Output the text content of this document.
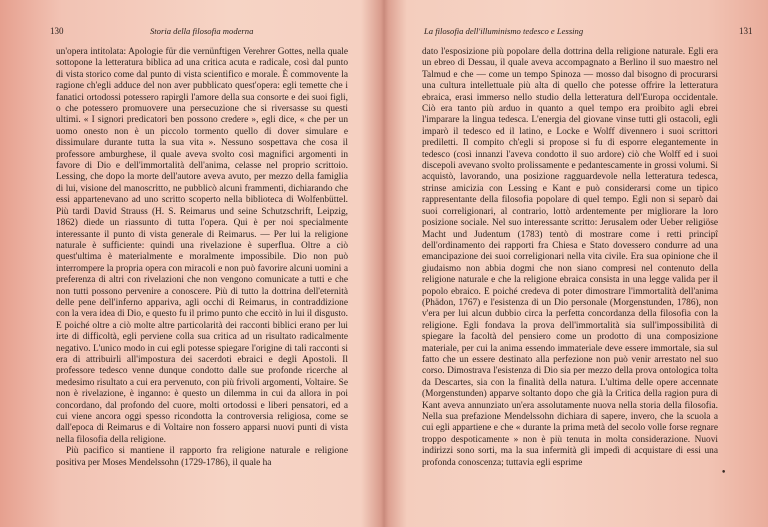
130	Storia della filosofia moderna

un'opera intitolata: Apologie für die vernünftigen Verehrer Gottes, nella quale sottopone la letteratura biblica ad una critica acuta e radicale, così dal punto di vista storico come dal punto di vista scientifico e morale. È commovente la ragione ch'egli adduce del non aver pubblicato quest'opera: egli temette che i fanatici ortodossi potessero rapirgli l'amore della sua consorte e dei suoi figli, o che potessero promuovere una persecuzione che si riversasse su questi ultimi. « I signori predicatori ben possono credere », egli dice, « che per un uomo onesto non è un piccolo tormento quello di dover simulare e dissimulare durante tutta la sua vita ». Nessuno sospettava che cosa il professore amburghese, il quale aveva svolto così magnifici argomenti in favore di Dio e dell'immortalità dell'anima, celasse nel proprio scrittoio. Lessing, che dopo la morte dell'autore aveva avuto, per mezzo della famiglia di lui, visione del manoscritto, ne pubblicò alcuni frammenti, dichiarando che essi appartenevano ad uno scritto scoperto nella biblioteca di Wolfenbüttel. Più tardi David Strauss (H. S. Reimarus und seine Schutzschrift, Leipzig, 1862) diede un riassunto di tutta l'opera. Qui è per noi specialmente interessante il punto di vista generale di Reimarus. — Per lui la religione naturale è sufficiente: quindi una rivelazione è superflua. Oltre a ciò quest'ultima è materialmente e moralmente impossibile. Dio non può interrompere la propria opera con miracoli e non può favorire alcuni uomini a preferenza di altri con rivelazioni che non vengono comunicate a tutti e che non tutti possono pervenire a conoscere. Più di tutto la dottrina dell'eternità delle pene dell'inferno appariva, agli occhi di Reimarus, in contraddizione con la vera idea di Dio, e questo fu il primo punto che eccitò in lui il disgusto. E poiché oltre a ciò molte altre particolarità dei racconti biblici erano per lui irte di difficoltà, egli perviene colla sua critica ad un risultato radicalmente negativo. L'unico modo in cui egli potesse spiegare l'origine di tali racconti si era di attribuirli all'impostura dei sacerdoti ebraici e degli Apostoli. Il professore tedesco venne dunque condotto dalle sue profonde ricerche al medesimo risultato a cui era pervenuto, con più frivoli argomenti, Voltaire. Se non è rivelazione, è inganno: è questo un dilemma in cui da allora in poi concordano, dal profondo del cuore, molti ortodossi e liberi pensatori, ed a cui viene ancora oggi spesso ricondotta la controversia religiosa, come se dall'epoca di Reimarus e di Voltaire non fossero apparsi nuovi punti di vista nella filosofia della religione.

Più pacifico si mantiene il rapporto fra religione naturale e religione positiva per Moses Mendelssohn (1729-1786), il quale ha

La filosofia dell'illuminismo tedesco e Lessing	131

dato l'esposizione più popolare della dottrina della religione naturale. Egli era un ebreo di Dessau, il quale aveva accompagnato a Berlino il suo maestro nel Talmud e che — come un tempo Spinoza — mosso dal bisogno di procurarsi una cultura intellettuale più alta di quello che potesse offrire la letteratura ebraica, erasi immerso nello studio della letteratura dell'Europa occidentale. Ciò era tanto più arduo in quanto a quel tempo era proibito agli ebrei l'imparare la lingua tedesca. L'energia del giovane vinse tutti gli ostacoli, egli imparò il tedesco ed il latino, e Locke e Wolff divennero i suoi scrittori prediletti. Il compito ch'egli si propose si fu di esporre elegantemente in tedesco (così innanzi l'aveva condotto il suo ardore) ciò che Wolff ed i suoi discepoli avevano svolto prolissamente e pedantescamente in grossi volumi. Si acquistò, lavorando, una posizione ragguardevole nella letteratura tedesca, strinse amicizia con Lessing e Kant e può considerarsi come un tipico rappresentante della filosofia popolare di quel tempo. Egli non si separò dai suoi correligionari, al contrario, lottò ardentemente per migliorare la loro posizione sociale. Nel suo interessante scritto: Jerusalem oder Ueber religiöse Macht und Judentum (1783) tentò di mostrare come i retti principî dell'ordinamento dei rapporti fra Chiesa e Stato dovessero condurre ad una emancipazione dei suoi correligionari nella vita civile. Era sua opinione che il giudaismo non abbia dogmi che non siano compresi nel contenuto della religione naturale e che la religione ebraica consista in una legge valida per il popolo ebraico. E poiché credeva di poter dimostrare l'immortalità dell'anima (Phädon, 1767) e l'esistenza di un Dio personale (Morgenstunden, 1786), non v'era per lui alcun dubbio circa la perfetta concordanza della filosofia con la religione. Egli fondava la prova dell'immortalità sia sull'impossibilità di spiegare la facoltà del pensiero come un prodotto di una composizione materiale, per cui la anima essendo immateriale deve essere immortale, sia sul fatto che un essere destinato alla perfezione non può venir arrestato nel suo corso. Dimostrava l'esistenza di Dio sia per mezzo della prova ontologica tolta da Descartes, sia con la finalità della natura. L'ultima delle opere accennate (Morgenstunden) apparve soltanto dopo che già la Critica della ragion pura di Kant aveva annunziato un'era assolutamente nuova nella storia della filosofia. Nella sua prefazione Mendelssohn dichiara di sapere, invero, che la scuola a cui egli appartiene e che « durante la prima metà del secolo volle forse regnare troppo despoticamente » non è più tenuta in molta considerazione. Nuovi indirizzi sono sorti, ma la sua infermità gli impedì di acquistare di essi una profonda conoscenza; tuttavia egli esprime

•
